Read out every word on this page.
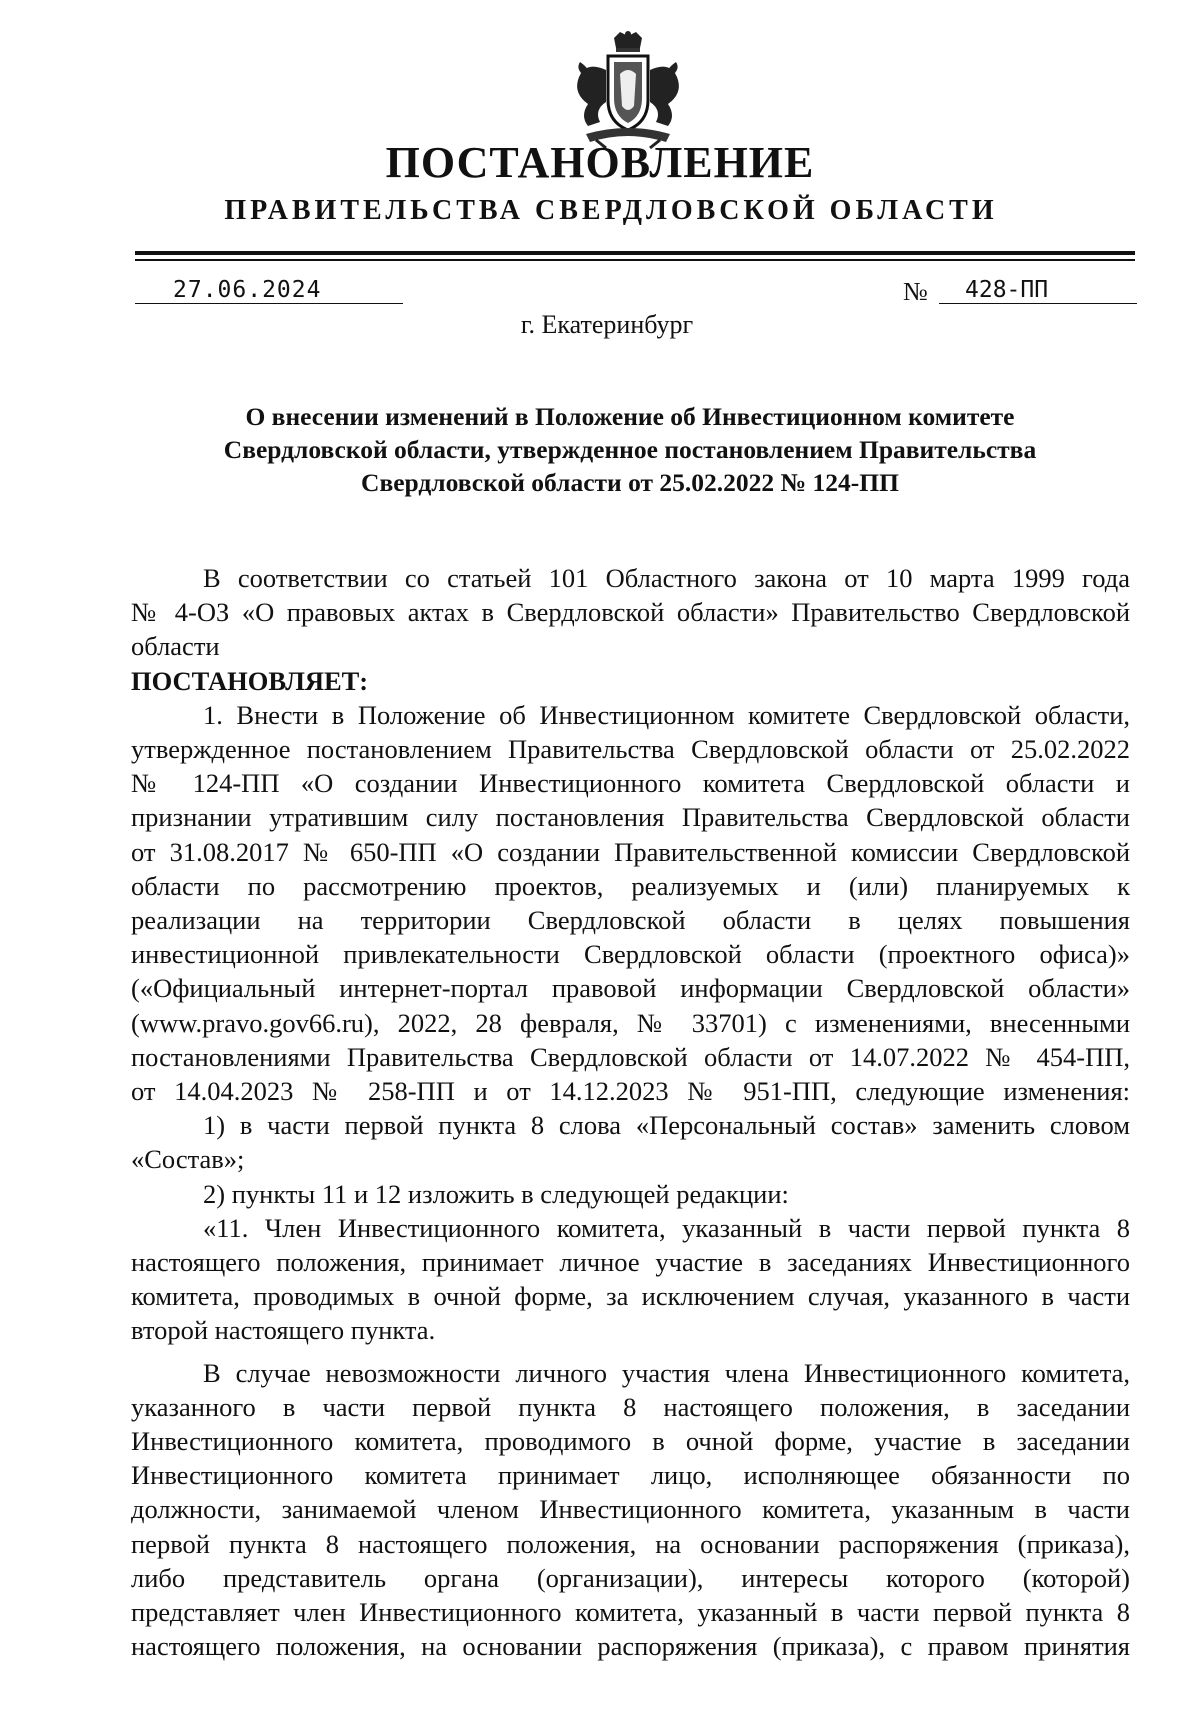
ПОСТАНОВЛЕНИЕ
ПРАВИТЕЛЬСТВА СВЕРДЛОВСКОЙ ОБЛАСТИ
27.06.2024	№	428-ПП
г. Екатеринбург
О внесении изменений в Положение об Инвестиционном комитете
Свердловской области, утвержденное постановлением Правительства
Свердловской области от 25.02.2022 № 124-ПП

В соответствии со статьей 101 Областного закона от 10 марта 1999 года

№ 4-ОЗ «О правовых актах в Свердловской области» Правительство Свердловской

области

ПОСТАНОВЛЯЕТ:

1. Внести в Положение об Инвестиционном комитете Свердловской области,

утвержденное постановлением Правительства Свердловской области от 25.02.2022

№ 124-ПП «О создании Инвестиционного комитета Свердловской области и

признании утратившим силу постановления Правительства Свердловской области

от 31.08.2017 № 650-ПП «О создании Правительственной комиссии Свердловской

области по рассмотрению проектов, реализуемых и (или) планируемых к

реализации на территории Свердловской области в целях повышения

инвестиционной привлекательности Свердловской области (проектного офиса)»

(«Официальный интернет-портал правовой информации Свердловской области»

(www.pravo.gov66.ru), 2022, 28 февраля, № 33701) с изменениями, внесенными

постановлениями Правительства Свердловской области от 14.07.2022 № 454-ПП,

от 14.04.2023 № 258-ПП и от 14.12.2023 № 951-ПП, следующие изменения:

1) в части первой пункта 8 слова «Персональный состав» заменить словом

«Состав»;

2) пункты 11 и 12 изложить в следующей редакции:

«11. Член Инвестиционного комитета, указанный в части первой пункта 8

настоящего положения, принимает личное участие в заседаниях Инвестиционного

комитета, проводимых в очной форме, за исключением случая, указанного в части

второй настоящего пункта.

В случае невозможности личного участия члена Инвестиционного комитета,

указанного в части первой пункта 8 настоящего положения, в заседании

Инвестиционного комитета, проводимого в очной форме, участие в заседании

Инвестиционного комитета принимает лицо, исполняющее обязанности по

должности, занимаемой членом Инвестиционного комитета, указанным в части

первой пункта 8 настоящего положения, на основании распоряжения (приказа),

либо представитель органа (организации), интересы которого (которой)

представляет член Инвестиционного комитета, указанный в части первой пункта 8

настоящего положения, на основании распоряжения (приказа), с правом принятия
